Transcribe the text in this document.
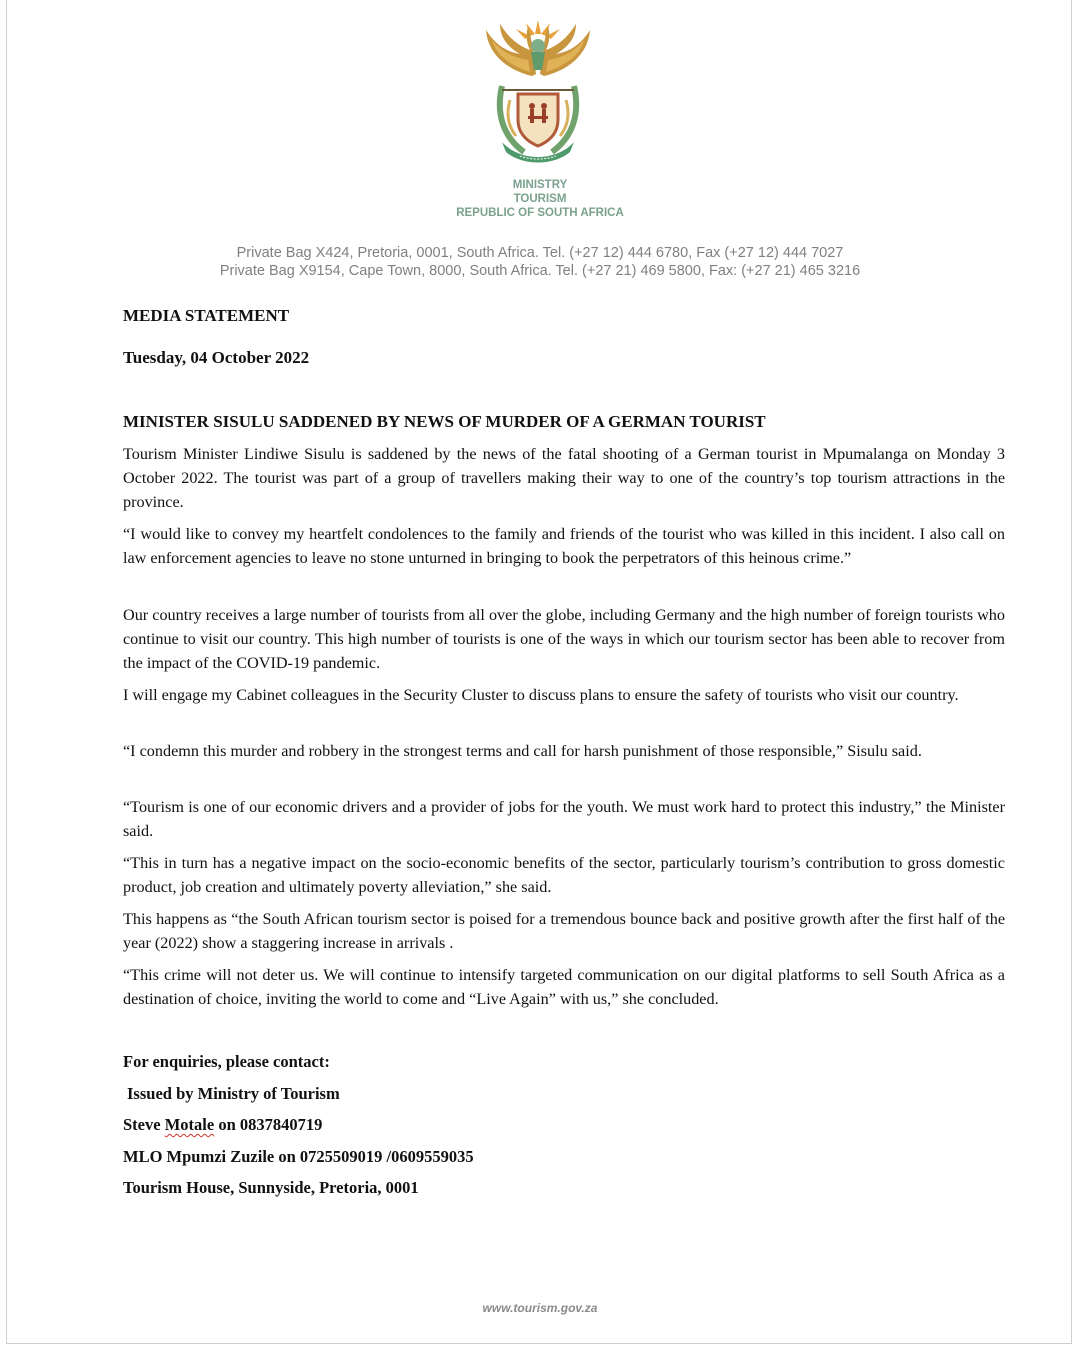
MINISTRY
TOURISM
REPUBLIC OF SOUTH AFRICA
Private Bag X424, Pretoria, 0001, South Africa. Tel. (+27 12) 444 6780, Fax (+27 12) 444 7027
Private Bag X9154, Cape Town, 8000, South Africa. Tel. (+27 21) 469 5800, Fax: (+27 21) 465 3216
MEDIA STATEMENT
Tuesday, 04 October 2022
MINISTER SISULU SADDENED BY NEWS OF MURDER OF A GERMAN TOURIST
Tourism Minister Lindiwe Sisulu is saddened by the news of the fatal shooting of a German tourist in Mpumalanga on Monday 3 October 2022. The tourist was part of a group of travellers making their way to one of the country’s top tourism attractions in the province.
“I would like to convey my heartfelt condolences to the family and friends of the tourist who was killed in this incident. I also call on law enforcement agencies to leave no stone unturned in bringing to book the perpetrators of this heinous crime.”
Our country receives a large number of tourists from all over the globe, including Germany and the high number of foreign tourists who continue to visit our country. This high number of tourists is one of the ways in which our tourism sector has been able to recover from the impact of the COVID-19 pandemic.
I will engage my Cabinet colleagues in the Security Cluster to discuss plans to ensure the safety of tourists who visit our country.
“I condemn this murder and robbery in the strongest terms and call for harsh punishment of those responsible,” Sisulu said.
“Tourism is one of our economic drivers and a provider of jobs for the youth. We must work hard to protect this industry,” the Minister said.
“This in turn has a negative impact on the socio-economic benefits of the sector, particularly tourism’s contribution to gross domestic product, job creation and ultimately poverty alleviation,” she said.
This happens as “the South African tourism sector is poised for a tremendous bounce back and positive growth after the first half of the year (2022) show a staggering increase in arrivals .
“This crime will not deter us. We will continue to intensify targeted communication on our digital platforms to sell South Africa as a destination of choice, inviting the world to come and “Live Again” with us,” she concluded.
For enquiries, please contact:
Issued by Ministry of Tourism
Steve Motale on 0837840719
MLO Mpumzi Zuzile on 0725509019 /0609559035
Tourism House, Sunnyside, Pretoria, 0001
www.tourism.gov.za
